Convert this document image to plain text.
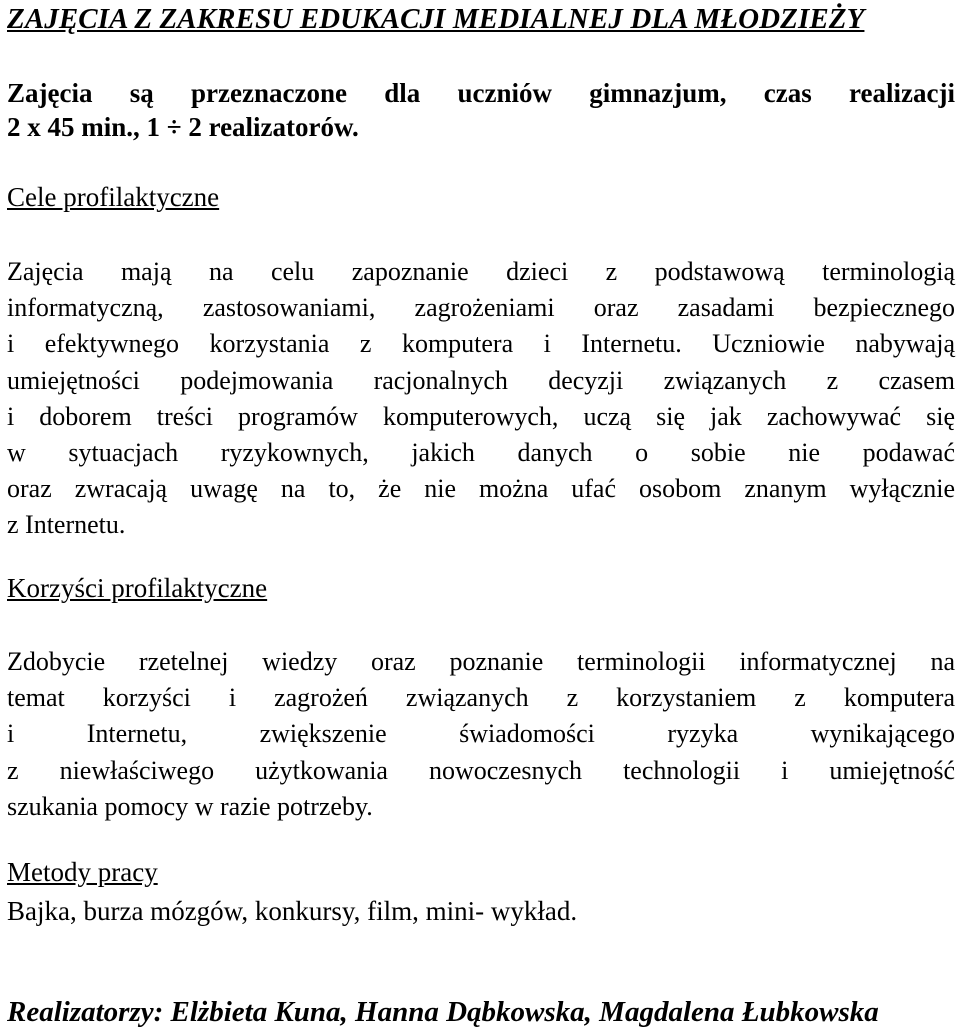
ZAJĘCIA Z ZAKRESU EDUKACJI MEDIALNEJ DLA MŁODZIEŻY
Zajęcia są przeznaczone dla uczniów gimnazjum, czas realizacji
2 x 45 min., 1 ÷ 2 realizatorów.
Cele profilaktyczne
Zajęcia mają na celu zapoznanie dzieci z podstawową terminologią
informatyczną, zastosowaniami, zagrożeniami oraz zasadami bezpiecznego
i efektywnego korzystania z komputera i Internetu. Uczniowie nabywają
umiejętności podejmowania racjonalnych decyzji związanych z czasem
i doborem treści programów komputerowych, uczą się jak zachowywać się
w sytuacjach ryzykownych, jakich danych o sobie nie podawać
oraz zwracają uwagę na to, że nie można ufać osobom znanym wyłącznie
z Internetu.
Korzyści profilaktyczne
Zdobycie rzetelnej wiedzy oraz poznanie terminologii informatycznej na
temat korzyści i zagrożeń związanych z korzystaniem z komputera
i Internetu, zwiększenie świadomości ryzyka wynikającego
z niewłaściwego użytkowania nowoczesnych technologii i umiejętność
szukania pomocy w razie potrzeby.
Metody pracy
Bajka, burza mózgów, konkursy, film, mini- wykład.
Realizatorzy: Elżbieta Kuna, Hanna Dąbkowska, Magdalena Łubkowska
